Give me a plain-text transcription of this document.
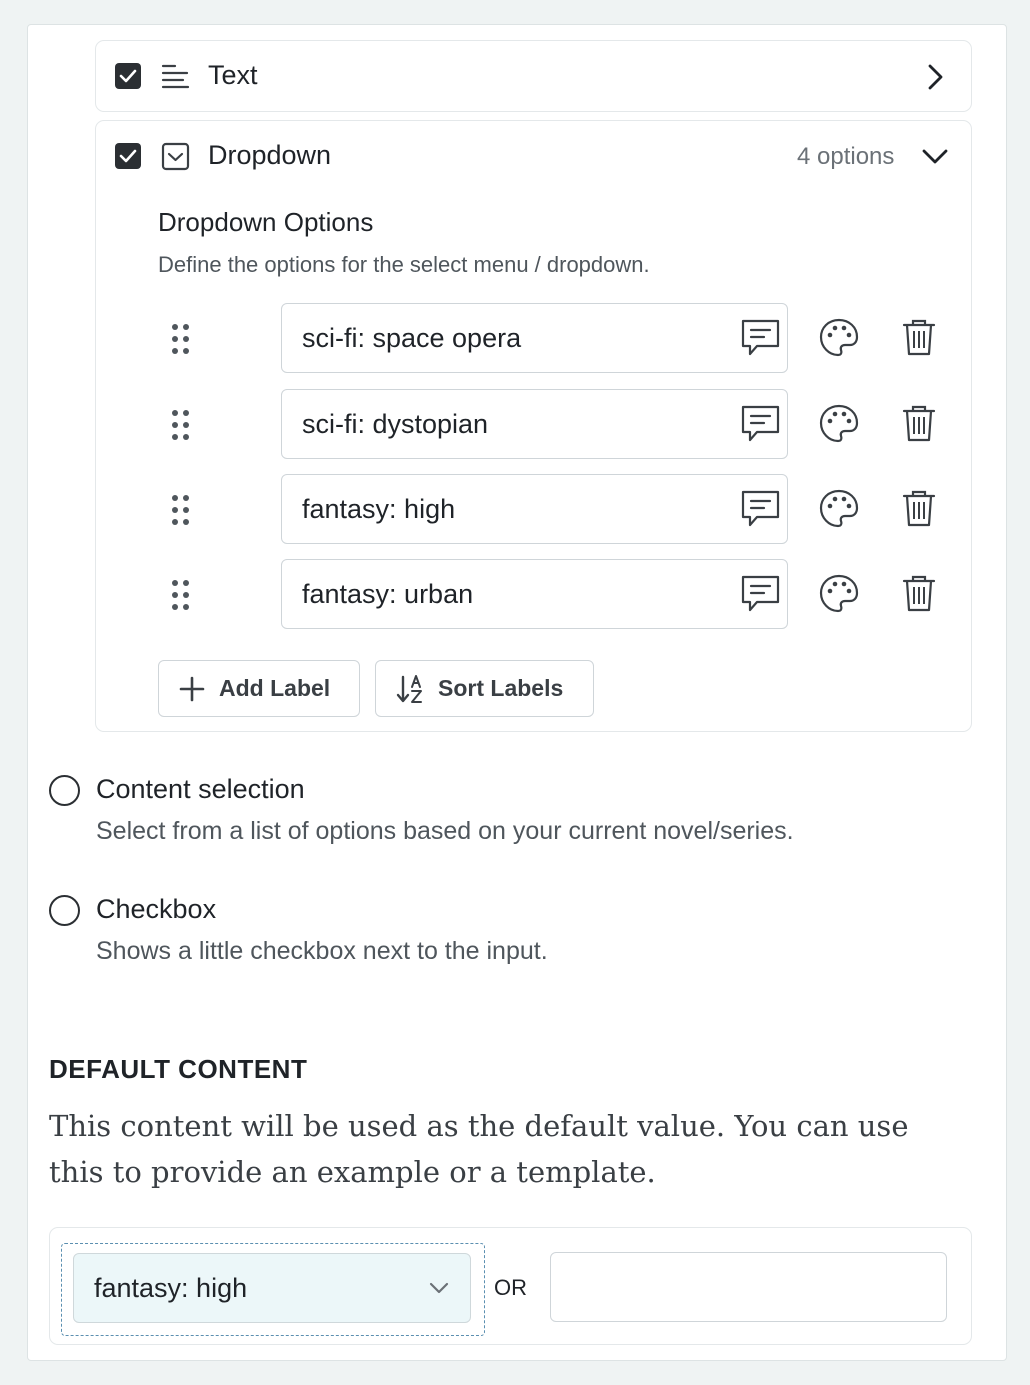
Text
Dropdown	4 options
Dropdown Options
Define the options for the select menu / dropdown.
sci-fi: space opera
sci-fi: dystopian
fantasy: high
fantasy: urban
Add Label	Sort Labels
Content selection
Select from a list of options based on your current novel/series.
Checkbox
Shows a little checkbox next to the input.
DEFAULT CONTENT

This content will be used as the default value. You can use this to provide an example or a template.

fantasy: high	OR
